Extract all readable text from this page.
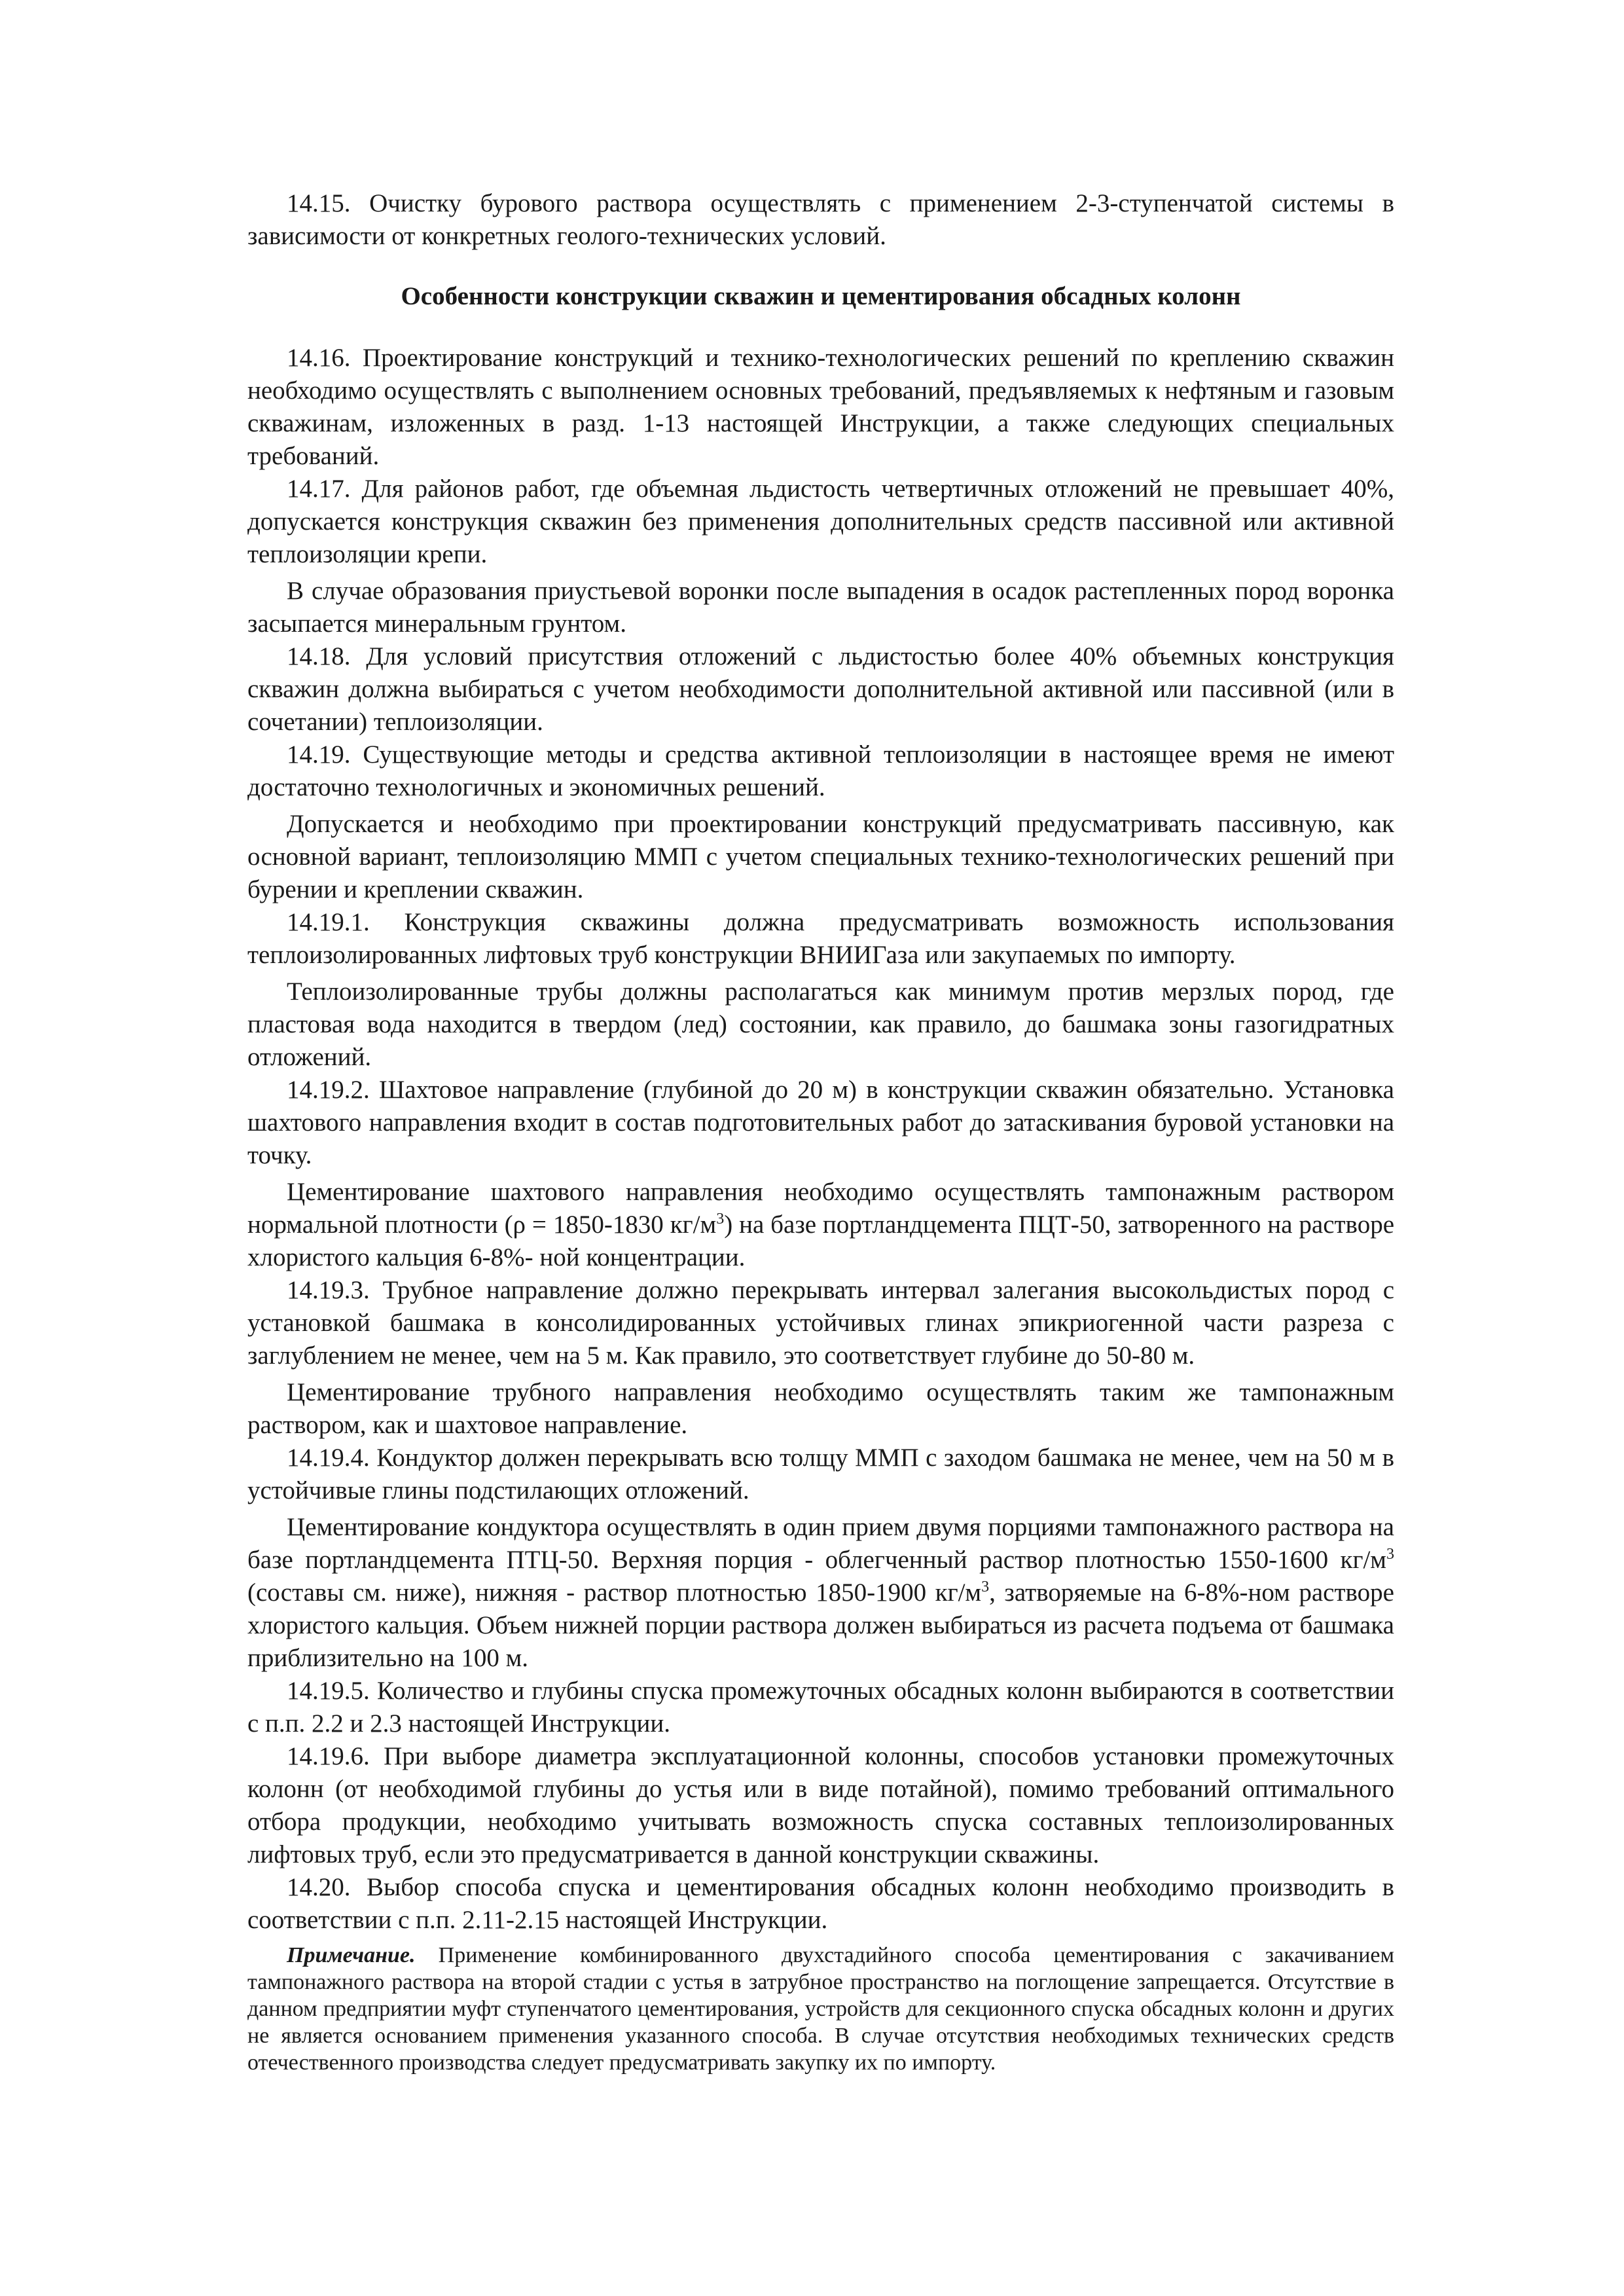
14.15. Очистку бурового раствора осуществлять с применением 2-3-ступенчатой системы в зависимости от конкретных геолого-технических условий.

Особенности конструкции скважин и цементирования обсадных колонн

14.16. Проектирование конструкций и технико-технологических решений по креплению скважин необходимо осуществлять с выполнением основных требований, предъявляемых к нефтяным и газовым скважинам, изложенных в разд. 1-13 настоящей Инструкции, а также следующих специальных требований.

14.17. Для районов работ, где объемная льдистость четвертичных отложений не превышает 40%, допускается конструкция скважин без применения дополнительных средств пассивной или активной теплоизоляции крепи.

В случае образования приустьевой воронки после выпадения в осадок растепленных пород воронка засыпается минеральным грунтом.

14.18. Для условий присутствия отложений с льдистостью более 40% объемных конструкция скважин должна выбираться с учетом необходимости дополнительной активной или пассивной (или в сочетании) теплоизоляции.

14.19. Существующие методы и средства активной теплоизоляции в настоящее время не имеют достаточно технологичных и экономичных решений.

Допускается и необходимо при проектировании конструкций предусматривать пассивную, как основной вариант, теплоизоляцию ММП с учетом специальных технико-технологических решений при бурении и креплении скважин.

14.19.1. Конструкция скважины должна предусматривать возможность использования теплоизолированных лифтовых труб конструкции ВНИИГаза или закупаемых по импорту.

Теплоизолированные трубы должны располагаться как минимум против мерзлых пород, где пластовая вода находится в твердом (лед) состоянии, как правило, до башмака зоны газогидратных отложений.

14.19.2. Шахтовое направление (глубиной до 20 м) в конструкции скважин обязательно. Установка шахтового направления входит в состав подготовительных работ до затаскивания буровой установки на точку.

Цементирование шахтового направления необходимо осуществлять тампонажным раствором нормальной плотности (ρ = 1850-1830 $кг/м^3$) на базе портландцемента ПЦТ-50, затворенного на растворе хлористого кальция 6-8%- ной концентрации.

14.19.3. Трубное направление должно перекрывать интервал залегания высокольдистых пород с установкой башмака в консолидированных устойчивых глинах эпикриогенной части разреза с заглублением не менее, чем на 5 м. Как правило, это соответствует глубине до 50-80 м.

Цементирование трубного направления необходимо осуществлять таким же тампонажным раствором, как и шахтовое направление.

14.19.4. Кондуктор должен перекрывать всю толщу ММП с заходом башмака не менее, чем на 50 м в устойчивые глины подстилающих отложений.

Цементирование кондуктора осуществлять в один прием двумя порциями тампонажного раствора на базе портландцемента ПТЦ-50. Верхняя порция - облегченный раствор плотностью 1550-1600 $кг/м^3$ (составы см. ниже), нижняя - раствор плотностью 1850-1900 $кг/м^3$, затворяемые на 6-8%-ном растворе хлористого кальция. Объем нижней порции раствора должен выбираться из расчета подъема от башмака приблизительно на 100 м.

14.19.5. Количество и глубины спуска промежуточных обсадных колонн выбираются в соответствии с п.п. 2.2 и 2.3 настоящей Инструкции.

14.19.6. При выборе диаметра эксплуатационной колонны, способов установки промежуточных колонн (от необходимой глубины до устья или в виде потайной), помимо требований оптимального отбора продукции, необходимо учитывать возможность спуска составных теплоизолированных лифтовых труб, если это предусматривается в данной конструкции скважины.

14.20. Выбор способа спуска и цементирования обсадных колонн необходимо производить в соответствии с п.п. 2.11-2.15 настоящей Инструкции.

Примечание. Применение комбинированного двухстадийного способа цементирования с закачиванием тампонажного раствора на второй стадии с устья в затрубное пространство на поглощение запрещается. Отсутствие в данном предприятии муфт ступенчатого цементирования, устройств для секционного спуска обсадных колонн и других не является основанием применения указанного способа. В случае отсутствия необходимых технических средств отечественного производства следует предусматривать закупку их по импорту.
